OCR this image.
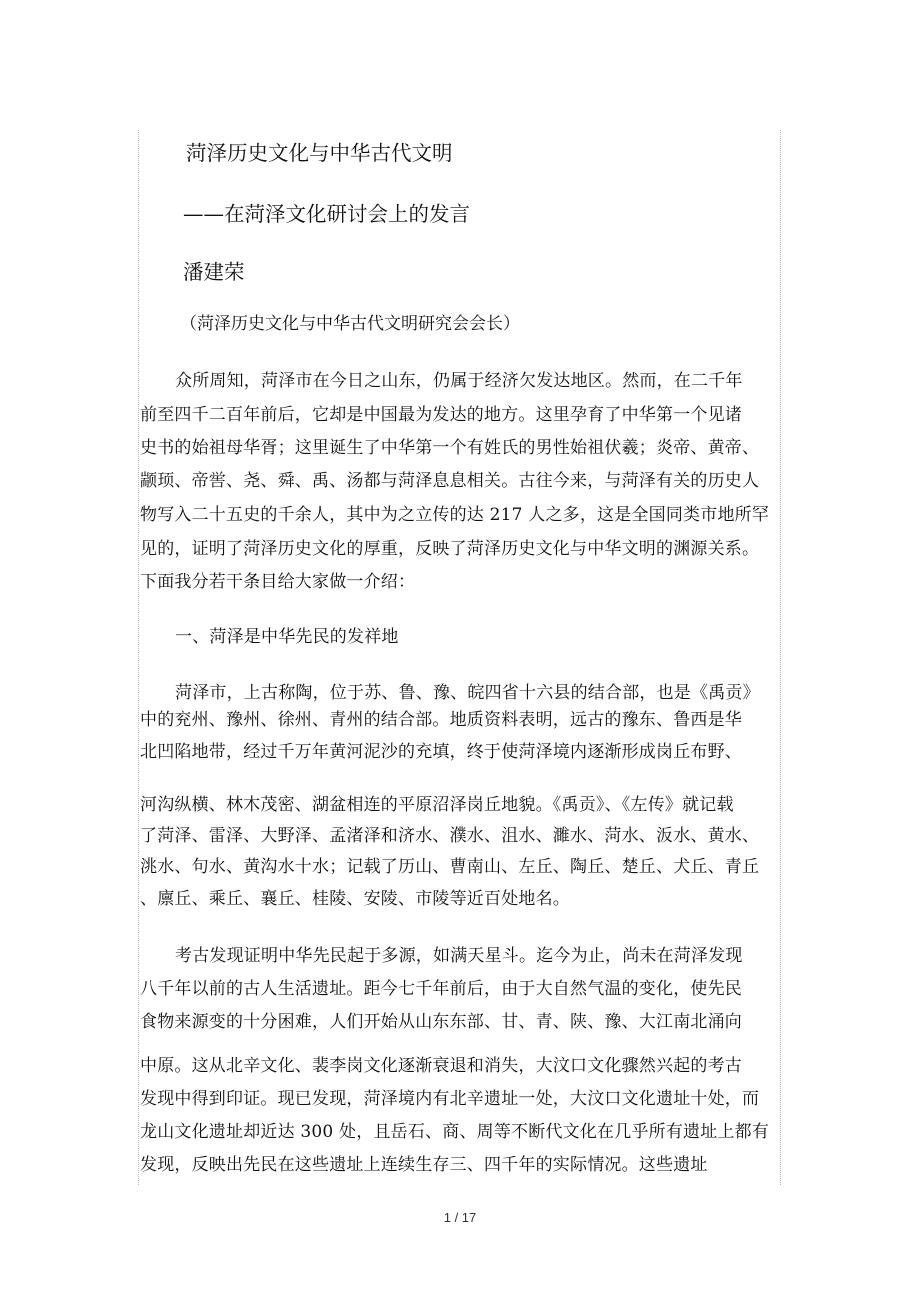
菏泽历史文化与中华古代文明
——在菏泽文化研讨会上的发言
潘建荣
（菏泽历史文化与中华古代文明研究会会长）
众所周知，菏泽市在今日之山东，仍属于经济欠发达地区。然而，在二千年
前至四千二百年前后，它却是中国最为发达的地方。这里孕育了中华第一个见诸
史书的始祖母华胥；这里诞生了中华第一个有姓氏的男性始祖伏羲；炎帝、黄帝、
颛顼、帝喾、尧、舜、禹、汤都与菏泽息息相关。古往今来，与菏泽有关的历史人
物写入二十五史的千余人，其中为之立传的达 217 人之多，这是全国同类市地所罕
见的，证明了菏泽历史文化的厚重，反映了菏泽历史文化与中华文明的渊源关系。
下面我分若干条目给大家做一介绍：
一、菏泽是中华先民的发祥地
菏泽市，上古称陶，位于苏、鲁、豫、皖四省十六县的结合部，也是《禹贡》
中的兖州、豫州、徐州、青州的结合部。地质资料表明，远古的豫东、鲁西是华
北凹陷地带，经过千万年黄河泥沙的充填，终于使菏泽境内逐渐形成岗丘布野、
河沟纵横、林木茂密、湖盆相连的平原沼泽岗丘地貌。《禹贡》、《左传》就记载
了菏泽、雷泽、大野泽、孟渚泽和济水、濮水、沮水、濉水、菏水、汳水、黄水、
洮水、句水、黄沟水十水；记载了历山、曹南山、左丘、陶丘、楚丘、犬丘、青丘
、廪丘、乘丘、襄丘、桂陵、安陵、市陵等近百处地名。
考古发现证明中华先民起于多源，如满天星斗。迄今为止，尚未在菏泽发现
八千年以前的古人生活遗址。距今七千年前后，由于大自然气温的变化，使先民
食物来源变的十分困难，人们开始从山东东部、甘、青、陕、豫、大江南北涌向
中原。这从北辛文化、裴李岗文化逐渐衰退和消失，大汶口文化骤然兴起的考古
发现中得到印证。现已发现，菏泽境内有北辛遗址一处，大汶口文化遗址十处，而
龙山文化遗址却近达 300 处，且岳石、商、周等不断代文化在几乎所有遗址上都有
发现，反映出先民在这些遗址上连续生存三、四千年的实际情况。这些遗址
1 / 17
